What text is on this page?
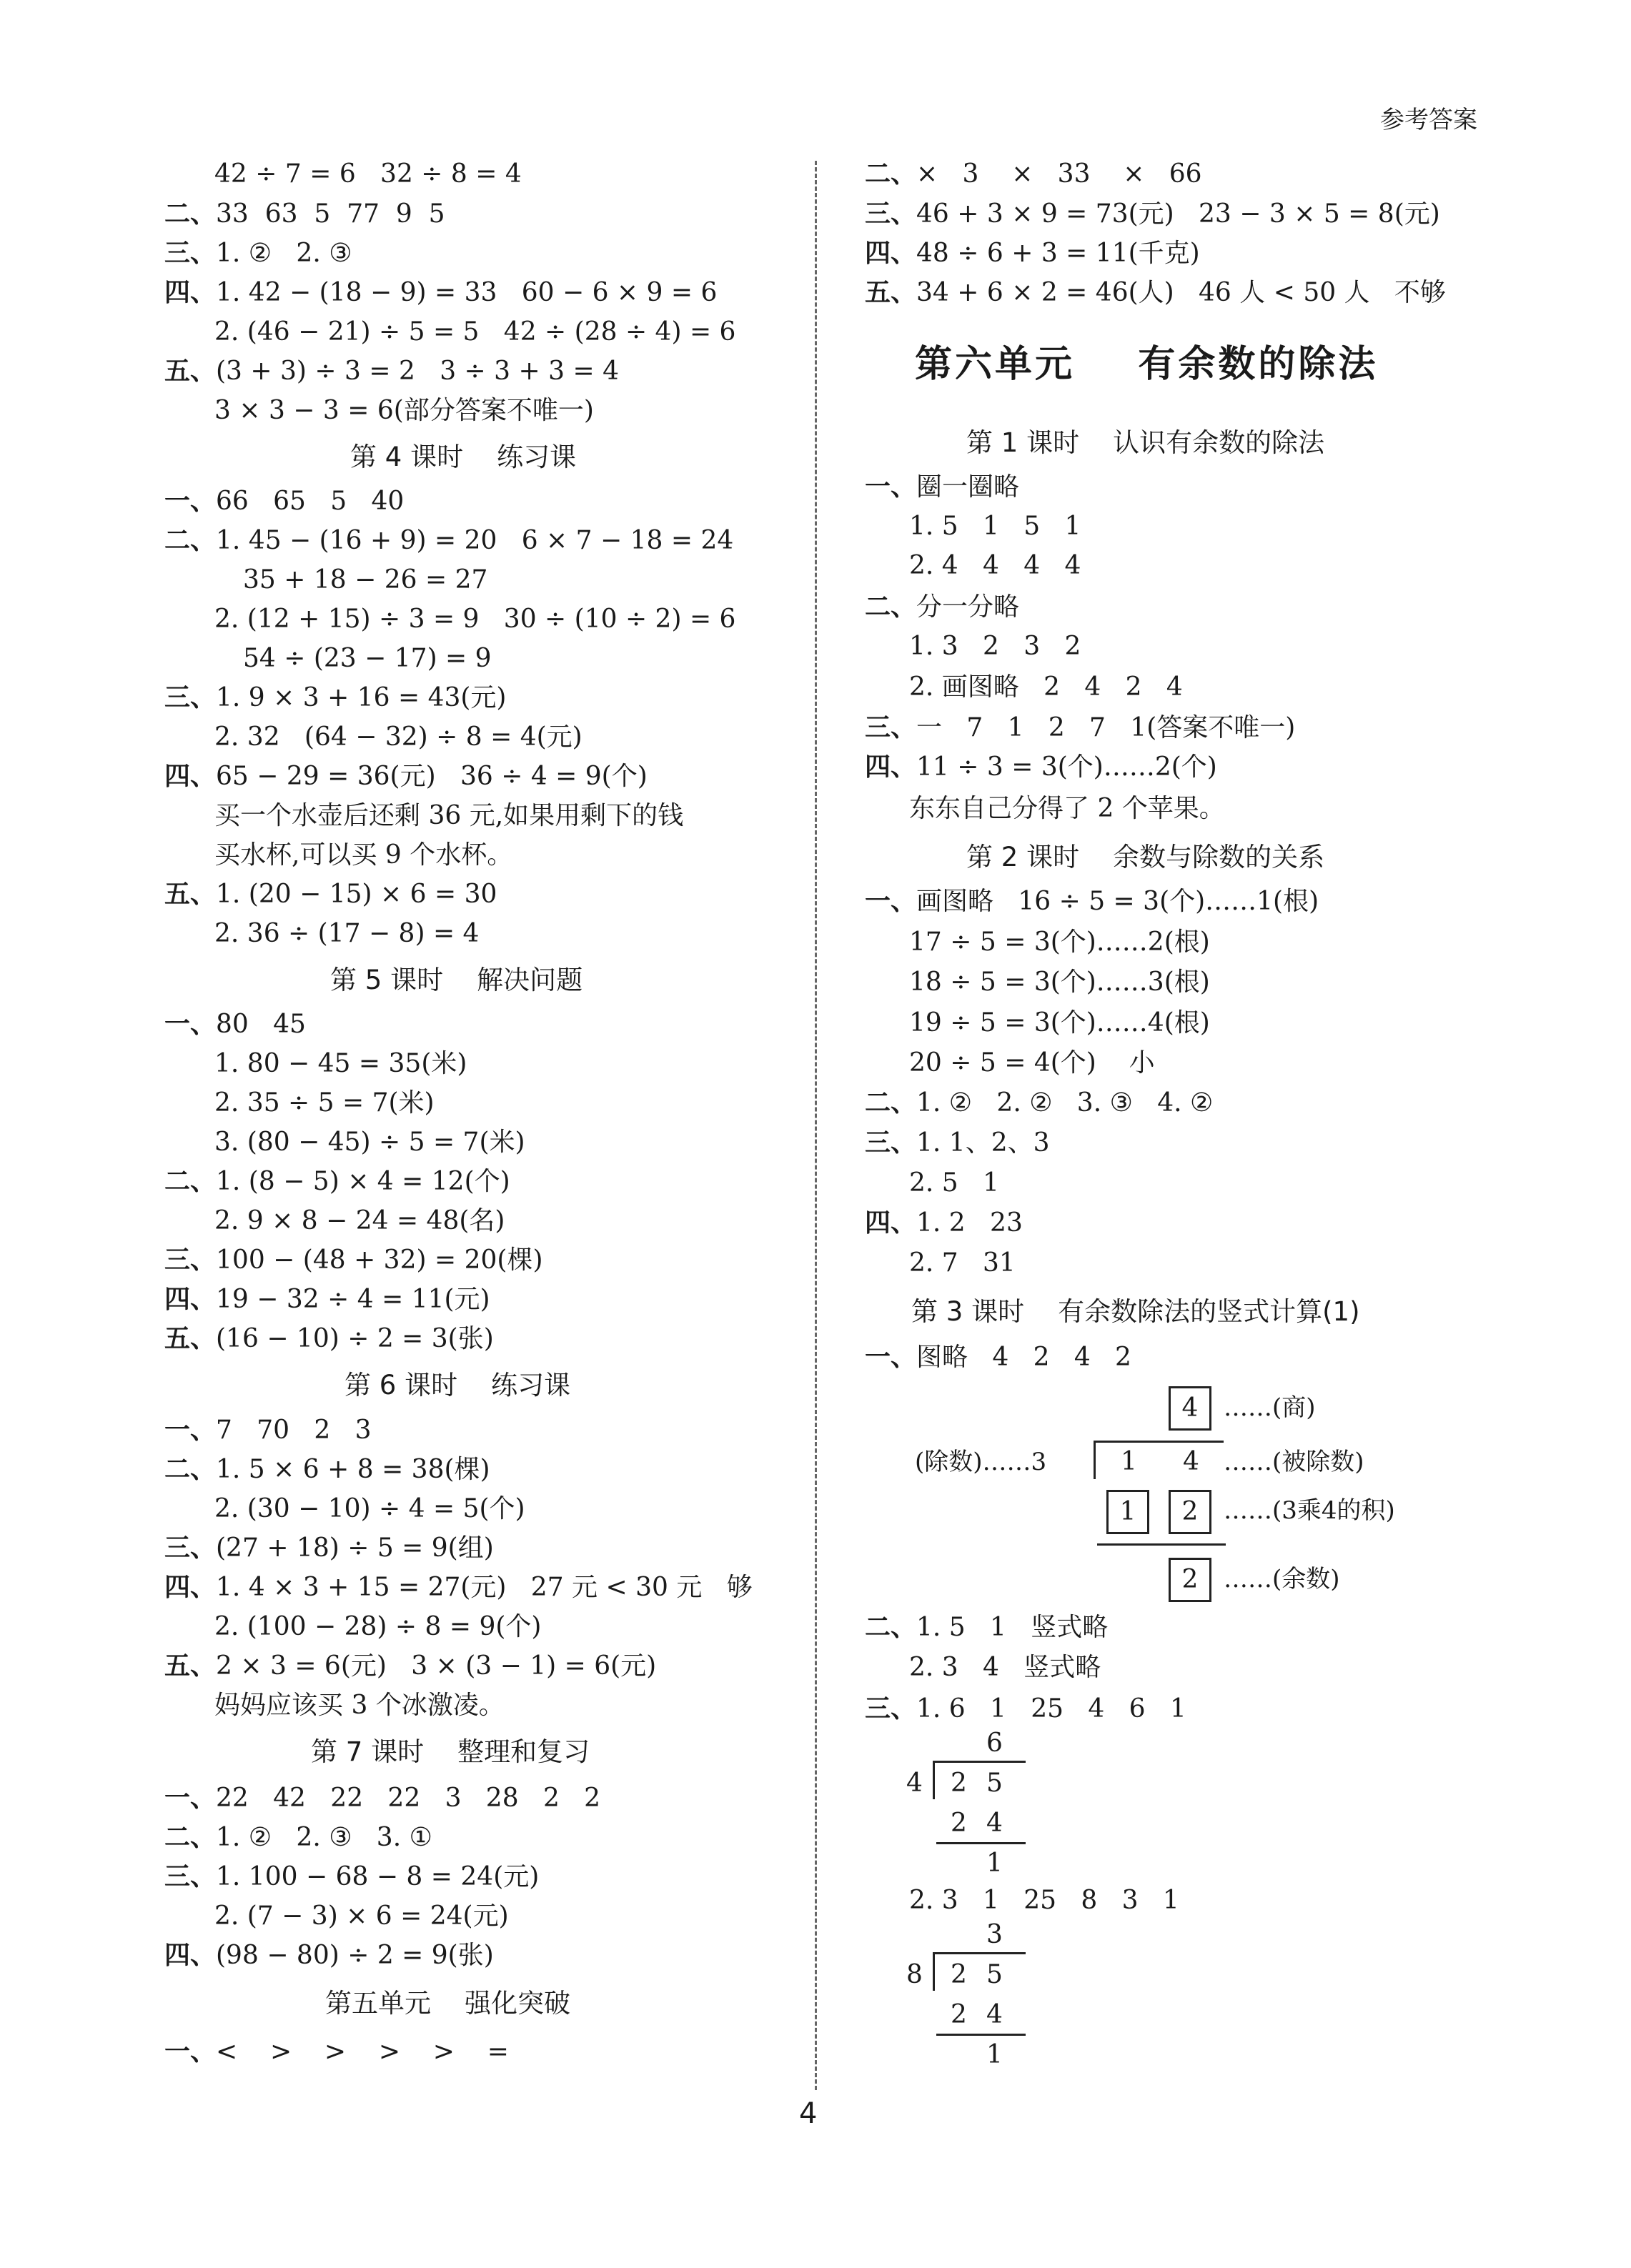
参考答案
42 ÷ 7 = 6   32 ÷ 8 = 4
二、33  63  5  77  9  5
三、1. ②   2. ③
四、1. 42 − (18 − 9) = 33   60 − 6 × 9 = 6
2. (46 − 21) ÷ 5 = 5   42 ÷ (28 ÷ 4) = 6
五、(3 + 3) ÷ 3 = 2   3 ÷ 3 + 3 = 4
3 × 3 − 3 = 6(部分答案不唯一)
第 4 课时    练习课
一、66   65   5   40
二、1. 45 − (16 + 9) = 20   6 × 7 − 18 = 24
35 + 18 − 26 = 27
2. (12 + 15) ÷ 3 = 9   30 ÷ (10 ÷ 2) = 6
54 ÷ (23 − 17) = 9
三、1. 9 × 3 + 16 = 43(元)
2. 32   (64 − 32) ÷ 8 = 4(元)
四、65 − 29 = 36(元)   36 ÷ 4 = 9(个)
买一个水壶后还剩 36 元,如果用剩下的钱
买水杯,可以买 9 个水杯。
五、1. (20 − 15) × 6 = 30
2. 36 ÷ (17 − 8) = 4
第 5 课时    解决问题
一、80   45
1. 80 − 45 = 35(米)
2. 35 ÷ 5 = 7(米)
3. (80 − 45) ÷ 5 = 7(米)
二、1. (8 − 5) × 4 = 12(个)
2. 9 × 8 − 24 = 48(名)
三、100 − (48 + 32) = 20(棵)
四、19 − 32 ÷ 4 = 11(元)
五、(16 − 10) ÷ 2 = 3(张)
第 6 课时    练习课
一、7   70   2   3
二、1. 5 × 6 + 8 = 38(棵)
2. (30 − 10) ÷ 4 = 5(个)
三、(27 + 18) ÷ 5 = 9(组)
四、1. 4 × 3 + 15 = 27(元)   27 元 < 30 元   够
2. (100 − 28) ÷ 8 = 9(个)
五、2 × 3 = 6(元)   3 × (3 − 1) = 6(元)
妈妈应该买 3 个冰激凌。
第 7 课时    整理和复习
一、22   42   22   22   3   28   2   2
二、1. ②   2. ③   3. ①
三、1. 100 − 68 − 8 = 24(元)
2. (7 − 3) × 6 = 24(元)
四、(98 − 80) ÷ 2 = 9(张)
第五单元    强化突破
一、<    >    >    >    >    =
二、×   3    ×   33    ×   66
三、46 + 3 × 9 = 73(元)   23 − 3 × 5 = 8(元)
四、48 ÷ 6 + 3 = 11(千克)
五、34 + 6 × 2 = 46(人)   46 人 < 50 人   不够
第六单元    有余数的除法
第 1 课时    认识有余数的除法
一、圈一圈略
1. 5   1   5   1
2. 4   4   4   4
二、分一分略
1. 3   2   3   2
2. 画图略   2   4   2   4
三、一   7   1   2   7   1(答案不唯一)
四、11 ÷ 3 = 3(个)……2(个)
东东自己分得了 2 个苹果。
第 2 课时    余数与除数的关系
一、画图略   16 ÷ 5 = 3(个)……1(根)
17 ÷ 5 = 3(个)……2(根)
18 ÷ 5 = 3(个)……3(根)
19 ÷ 5 = 3(个)……4(根)
20 ÷ 5 = 4(个)    小
二、1. ②   2. ②   3. ③   4. ②
三、1. 1、2、3
2. 5   1
四、1. 2   23
2. 7   31
第 3 课时    有余数除法的竖式计算(1)
一、图略   4   2   4   2
4	……(商)
(除数)……3	1 4 ……(被除数)
1	2	……(3乘4的积)
2	……(余数)
二、1. 5   1   竖式略
2. 3   4   竖式略
三、1. 6   1   25   4   6   1
6
4 2 5
2 4
1
2. 3   1   25   8   3   1
3
8 2 5
2 4
1
4
